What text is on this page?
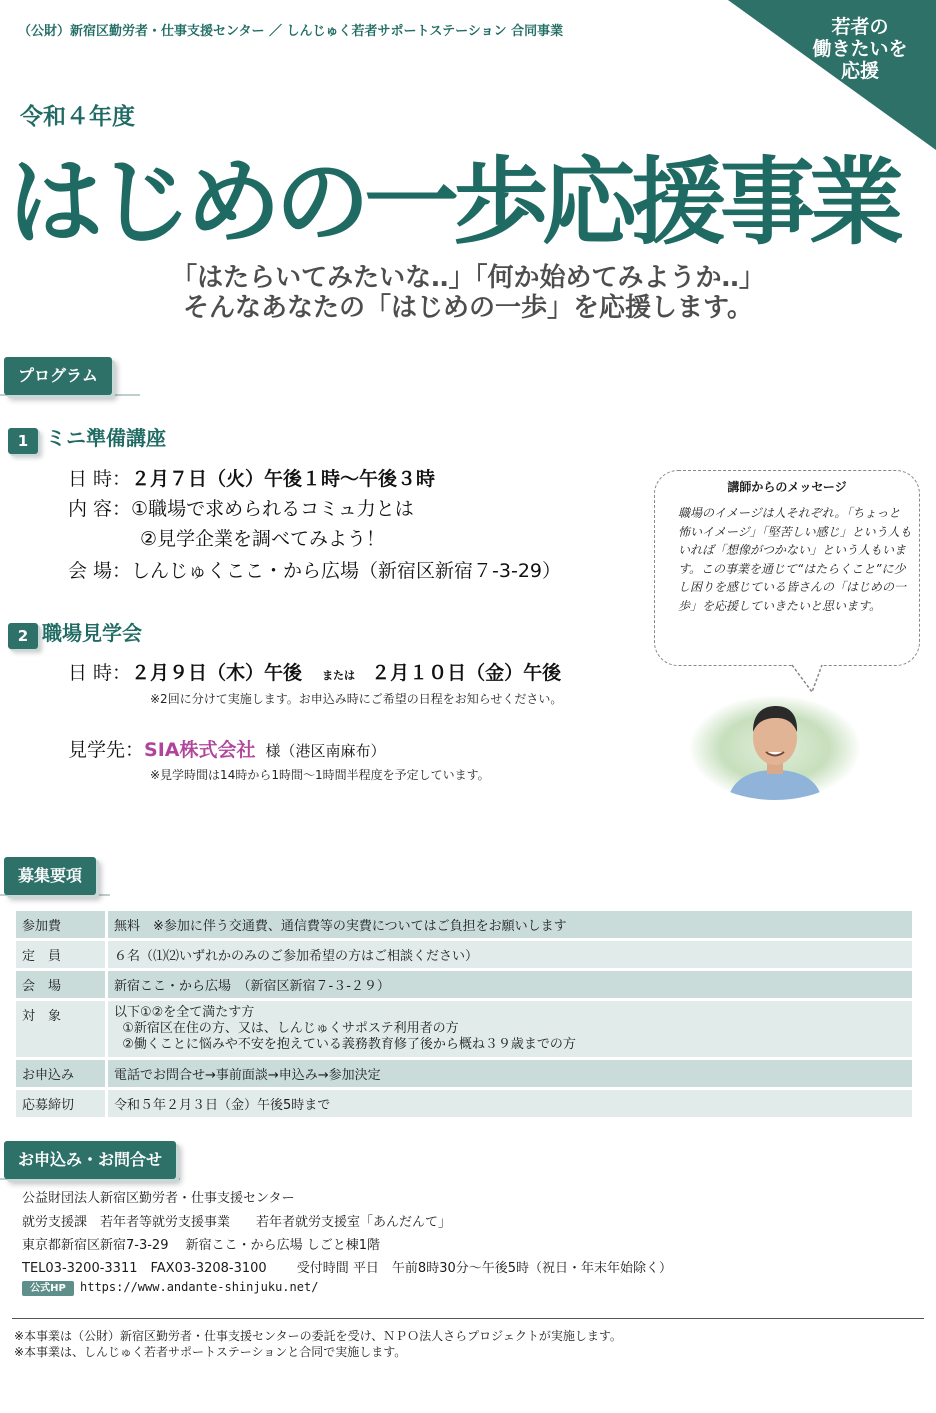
（公財）新宿区勤労者・仕事支援センター ／ しんじゅく若者サポートステーション 合同事業	若者の
働きたいを
応援
令和４年度
はじめの一歩応援事業
「はたらいてみたいな‥」「何か始めてみようか‥」
そんなあなたの「はじめの一歩」を応援します。
プログラム
1 ミニ準備講座
日 時：２月７日（火）午後１時～午後３時
内 容：①職場で求められるコミュ力とは
②見学企業を調べてみよう！
会 場：しんじゅくここ・から広場（新宿区新宿７-3-29）
2 職場見学会
日 時：２月９日（木）午後 または ２月１０日（金）午後
※2回に分けて実施します。お申込み時にご希望の日程をお知らせください。
見学先：SIA株式会社 様（港区南麻布）
※見学時間は14時から1時間～1時間半程度を予定しています。
講師からのメッセージ
職場のイメージは人それぞれ。「ちょっと怖いイメージ」「堅苦しい感じ」という人もいれば「想像がつかない」という人もいます。この事業を通じて“はたらくこと”に少し困りを感じている皆さんの「はじめの一歩」を応援していきたいと思います。
募集要項
参加費	無料　※参加に伴う交通費、通信費等の実費についてはご負担をお願いします
定　員	６名（⑴⑵いずれかのみのご参加希望の方はご相談ください）
会　場	新宿ここ・から広場　（新宿区新宿７-３-２９）
対　象	以下①②を全て満たす方
①新宿区在住の方、又は、しんじゅくサポステ利用者の方
②働くことに悩みや不安を抱えている義務教育修了後から概ね３９歳までの方
お申込み	電話でお問合せ→事前面談→申込み→参加決定
応募締切	令和５年２月３日（金）午後5時まで
お申込み・お問合せ
公益財団法人新宿区勤労者・仕事支援センター
就労支援課　若年者等就労支援事業　　若年者就労支援室「あんだんて」
東京都新宿区新宿7-3-29　 新宿ここ・から広場 しごと棟1階
TEL03-3200-3311　FAX03-3208-3100　　 受付時間 平日　午前8時30分～午後5時（祝日・年末年始除く）
公式HP	https://www.andante-shinjuku.net/
※本事業は（公財）新宿区勤労者・仕事支援センターの委託を受け、ＮＰＯ法人さらプロジェクトが実施します。
※本事業は、しんじゅく若者サポートステーションと合同で実施します。
